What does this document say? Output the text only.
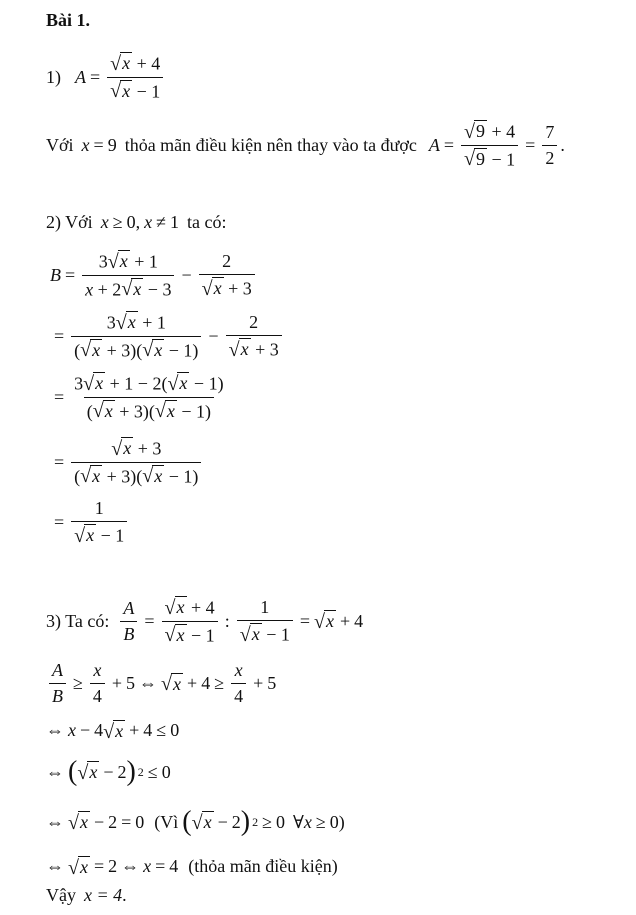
Bài 1.
1) $A = \frac{√ x + 4}{√ x - 1}$
Với x = 9 thỏa mãn điều kiện nên thay vào ta được $A = \frac{√ 9 + 4}{√ 9 - 1} = \frac{7}{2}$ .
2) Với x ≥ 0, x ≠ 1 ta có:
$B = \frac{3 √ x + 1}{x + 2 √ x - 3} - \frac{2}{√ x + 3}$
= $\frac{3 √ x + 1}{( √ x + 3)( √ x - 1)} - \frac{2}{√ x + 3}$
= $\frac{3 √ x + 1 - 2( √ x - 1)}{( √ x + 3)( √ x - 1)}$
= $\frac{√ x + 3}{( √ x + 3)( √ x - 1)}$
= $\frac{1}{√ x - 1}$
3) Ta có: $\frac{A}{B} = \frac{√ x + 4}{√ x - 1}$ : $\frac{1}{√ x - 1}$ = √ x + 4
$\frac{A}{B} \ge \frac{x}{4} + 5$ ⇔ √ $x + 4 \ge \frac{x}{4} + 5$
⇔ x − 4 √ x + 4 ≤ 0
⇔ ( √ x − 2 ) 2 ≤ 0
⇔ √ x − 2 = 0 (Vì ( √ x − 2 ) 2 ≥ 0 ∀ x ≥ 0)
⇔ √ x = 2 ⇔ x = 4 (thỏa mãn điều kiện)
Vậy x = 4 .
